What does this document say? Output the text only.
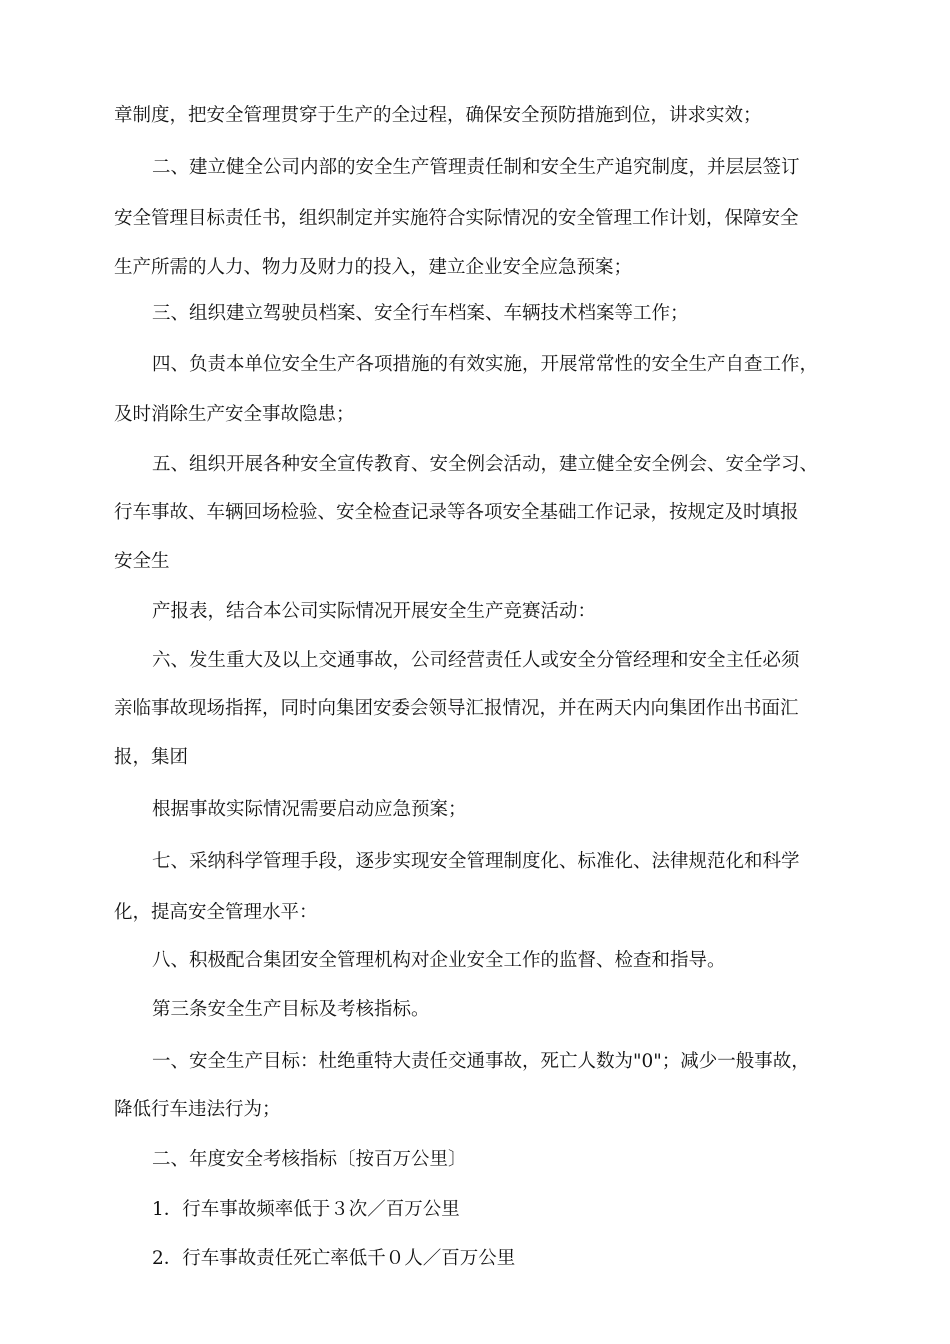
章制度，把安全管理贯穿于生产的全过程，确保安全预防措施到位，讲求实效；
二、建立健全公司内部的安全生产管理责任制和安全生产追究制度，并层层签订
安全管理目标责任书，组织制定并实施符合实际情况的安全管理工作计划，保障安全
生产所需的人力、物力及财力的投入，建立企业安全应急预案；
三、组织建立驾驶员档案、安全行车档案、车辆技术档案等工作；
四、负责本单位安全生产各项措施的有效实施，开展常常性的安全生产自查工作，
及时消除生产安全事故隐患；
五、组织开展各种安全宣传教育、安全例会活动，建立健全安全例会、安全学习、
行车事故、车辆回场检验、安全检查记录等各项安全基础工作记录，按规定及时填报
安全生
产报表，结合本公司实际情况开展安全生产竞赛活动：
六、发生重大及以上交通事故，公司经营责任人或安全分管经理和安全主任必须
亲临事故现场指挥，同时向集团安委会领导汇报情况，并在两天内向集团作出书面汇
报，集团
根据事故实际情况需要启动应急预案；
七、采纳科学管理手段，逐步实现安全管理制度化、标准化、法律规范化和科学
化，提高安全管理水平：
八、积极配合集团安全管理机构对企业安全工作的监督、检查和指导。
第三条安全生产目标及考核指标。
一、安全生产目标：杜绝重特大责任交通事故，死亡人数为"0"；减少一般事故，
降低行车违法行为；
二、年度安全考核指标〔按百万公里〕
1．行车事故频率低于３次／百万公里
2．行车事故责任死亡率低千０人／百万公里
